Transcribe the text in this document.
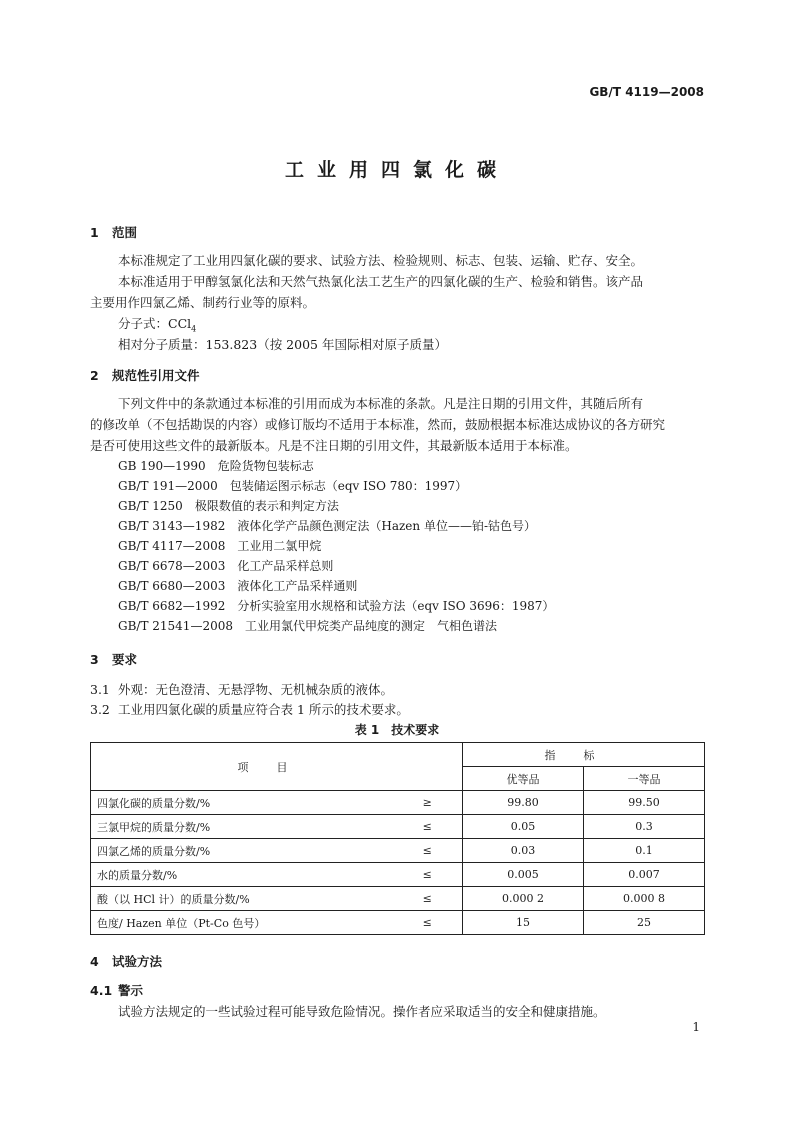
GB/T 4119—2008
工业用四氯化碳
1 范围
本标准规定了工业用四氯化碳的要求、试验方法、检验规则、标志、包装、运输、贮存、安全。
本标准适用于甲醇氢氯化法和天然气热氯化法工艺生产的四氯化碳的生产、检验和销售。该产品
主要用作四氯乙烯、制药行业等的原料。
分子式：CCl$_4$
相对分子质量：153.823（按 2005 年国际相对原子质量）
2 规范性引用文件
下列文件中的条款通过本标准的引用而成为本标准的条款。凡是注日期的引用文件，其随后所有
的修改单（不包括勘误的内容）或修订版均不适用于本标准，然而，鼓励根据本标准达成协议的各方研究
是否可使用这些文件的最新版本。凡是不注日期的引用文件，其最新版本适用于本标准。
GB 190—1990　 危险货物包装标志
GB/T 191—2000　 包装储运图示标志（eqv ISO 780：1997）
GB/T 1250　 极限数值的表示和判定方法
GB/T 3143—1982　 液体化学产品颜色测定法（Hazen 单位——铂-钴色号）
GB/T 4117—2008　 工业用二氯甲烷
GB/T 6678—2003　 化工产品采样总则
GB/T 6680—2003　 液体化工产品采样通则
GB/T 6682—1992　 分析实验室用水规格和试验方法（eqv ISO 3696：1987）
GB/T 21541—2008　 工业用氯代甲烷类产品纯度的测定　气相色谱法
3 要求
3.1 外观：无色澄清、无悬浮物、无机械杂质的液体。
3.2 工业用四氯化碳的质量应符合表 1 所示的技术要求。
表 1　技术要求
项目		指标	
		优等品	一等品
四氯化碳的质量分数/%	≥	99.80	99.50
三氯甲烷的质量分数/%	≤	0.05	0.3
四氯乙烯的质量分数/%	≤	0.03	0.1
水的质量分数/%	≤	0.005	0.007
酸（以 HCl 计）的质量分数/%	≤	0.000 2	0.000 8
色度/ Hazen 单位（Pt-Co 色号）	≤	15	25
4 试验方法
4.1 警示
试验方法规定的一些试验过程可能导致危险情况。操作者应采取适当的安全和健康措施。
1
